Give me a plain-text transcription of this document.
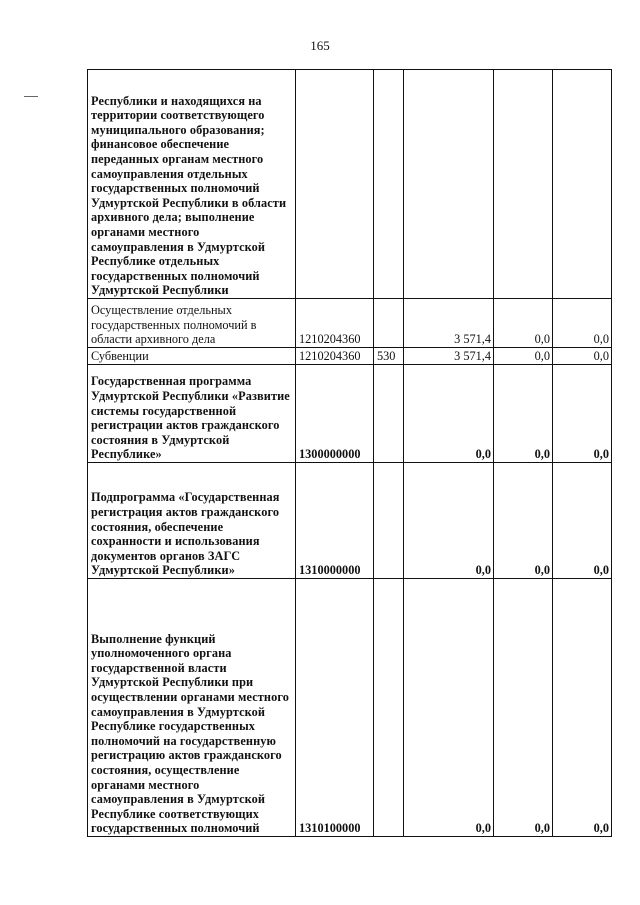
165
Республики и находящихся на территории соответствующего муниципального образования; финансовое обеспечение переданных органам местного самоуправления отдельных государственных полномочий Удмуртской Республики в области архивного дела; выполнение органами местного самоуправления в Удмуртской Республике отдельных государственных полномочий Удмуртской Республики					
Осуществление отдельных государственных полномочий в области архивного дела	1210204360		3 571,4	0,0	0,0
Субвенции	1210204360	530	3 571,4	0,0	0,0
Государственная программа Удмуртской Республики «Развитие системы государственной регистрации актов гражданского состояния в Удмуртской Республике»	1300000000		0,0	0,0	0,0
Подпрограмма «Государственная регистрация актов гражданского состояния, обеспечение сохранности и использования документов органов ЗАГС Удмуртской Республики»	1310000000		0,0	0,0	0,0
Выполнение функций уполномоченного органа государственной власти Удмуртской Республики при осуществлении органами местного самоуправления в Удмуртской Республике государственных полномочий на государственную регистрацию актов гражданского состояния, осуществление органами местного самоуправления в Удмуртской Республике соответствующих государственных полномочий	1310100000		0,0	0,0	0,0
